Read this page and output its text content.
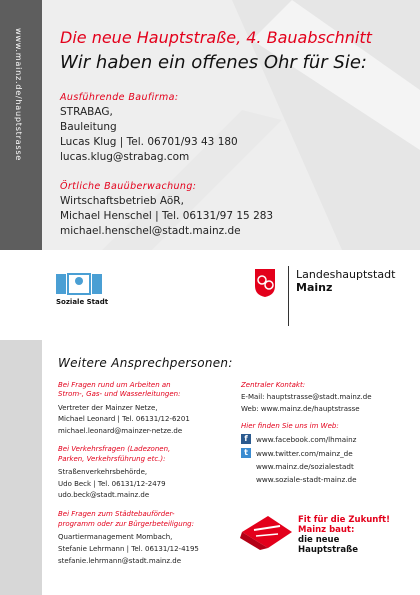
www.mainz.de/hauptstrasse Die neue Hauptstraße, 4. Bauabschnitt
Wir haben ein offenes Ohr für Sie:
Ausführende Baufirma:
STRABAG,
Bauleitung
Lucas Klug | Tel. 06701/93 43 180
lucas.klug@strabag.com
Örtliche Bauüberwachung:
Wirtschaftsbetrieb AöR,
Michael Henschel | Tel. 06131/97 15 283
michael.henschel@stadt.mainz.de
Soziale Stadt
Landeshauptstadt
Mainz
Weitere Ansprechpersonen:
Bei Fragen rund um Arbeiten an
Strom-, Gas- und Wasserleitungen:
Vertreter der Mainzer Netze,
Michael Leonard | Tel. 06131/12-6201
michael.leonard@mainzer-netze.de
Bei Verkehrsfragen (Ladezonen,
Parken, Verkehrsführung etc.):
Straßenverkehrsbehörde,
Udo Beck | Tel. 06131/12-2479
udo.beck@stadt.mainz.de
Bei Fragen zum Städtebauförder-
programm oder zur Bürgerbeteiligung:
Quartiermanagement Mombach,
Stefanie Lehrmann | Tel. 06131/12-4195
stefanie.lehrmann@stadt.mainz.de
Zentraler Kontakt:
E-Mail: hauptstrasse@stadt.mainz.de
Web: www.mainz.de/hauptstrasse
Hier finden Sie uns im Web:
f	www.facebook.com/lhmainz
t	www.twitter.com/mainz_de
www.mainz.de/sozialestadt
www.soziale-stadt-mainz.de
Fit für die Zukunft!
Mainz baut:
die neue
Hauptstraße
